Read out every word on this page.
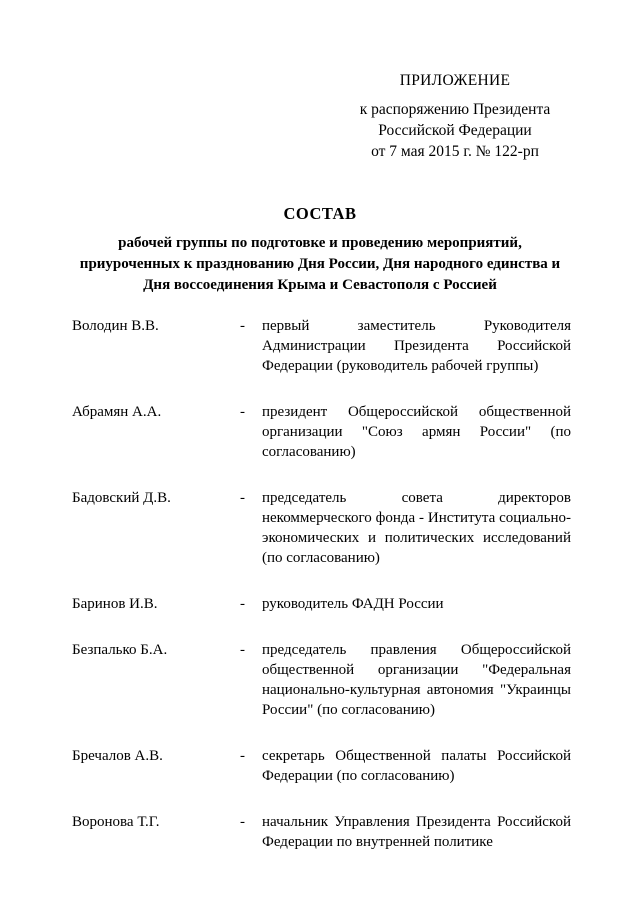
ПРИЛОЖЕНИЕ
к распоряжению Президента
Российской Федерации
от 7 мая 2015 г. № 122-рп
СОСТАВ
рабочей группы по подготовке и проведению мероприятий, приуроченных к празднованию Дня России, Дня народного единства и Дня воссоединения Крыма и Севастополя с Россией
Володин В.В.	- первый заместитель Руководителя Администрации Президента Российской Федерации (руководитель рабочей группы)
Абрамян А.А.	- президент Общероссийской общественной организации "Союз армян России" (по согласованию)
Бадовский Д.В.	- председатель совета директоров некоммерческого фонда - Института социально-экономических и политических исследований (по согласованию)
Баринов И.В.	- руководитель ФАДН России
Безпалько Б.А.	- председатель правления Общероссийской общественной организации "Федеральная национально-культурная автономия "Украинцы России" (по согласованию)
Бречалов А.В.	- секретарь Общественной палаты Российской Федерации (по согласованию)
Воронова Т.Г.	- начальник Управления Президента Российской Федерации по внутренней политике
